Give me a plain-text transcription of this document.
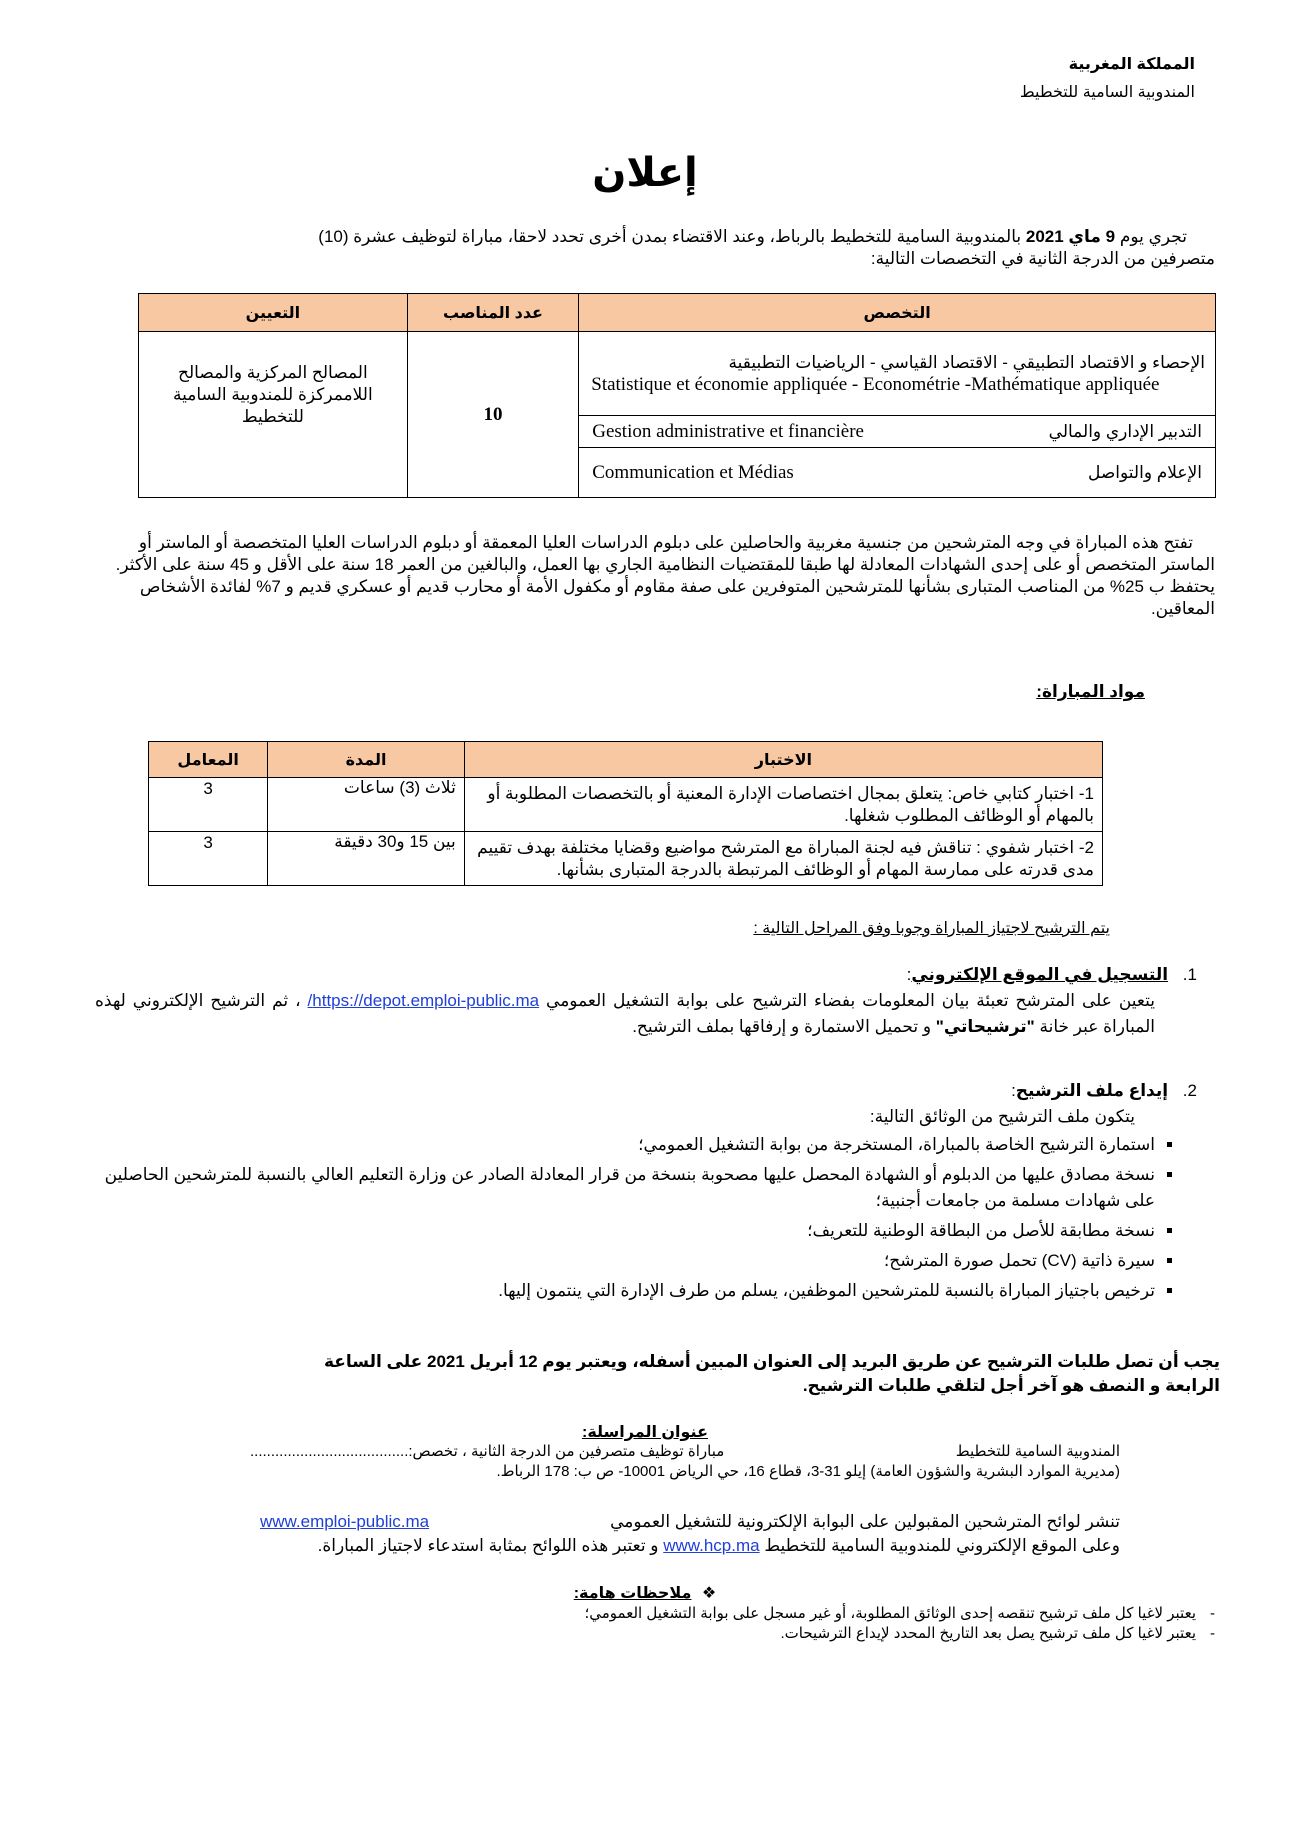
المملكة المغربية
المندوبية السامية للتخطيط
إعلان

تجري يوم 9 ماي 2021 بالمندوبية السامية للتخطيط بالرباط، وعند الاقتضاء بمدن أخرى تحدد لاحقا، مباراة لتوظيف عشرة (10)

متصرفين من الدرجة الثانية في التخصصات التالية:

التخصص	عدد المناصب	التعيين

الإحصاء و الاقتصاد التطبيقي - الاقتصاد القياسي - الرياضيات التطبيقية
Statistique et économie appliquée - Econométrie -Mathématique appliquée	10	المصالح المركزية والمصالح اللاممركزة للمندوبية السامية للتخطيط

التدبير الإداري والمالي
Gestion administrative et financière		

الإعلام والتواصل
Communication et Médias		

تفتح هذه المباراة في وجه المترشحين من جنسية مغربية والحاصلين على دبلوم الدراسات العليا المعمقة أو دبلوم الدراسات العليا المتخصصة أو الماستر أو الماستر المتخصص أو على إحدى الشهادات المعادلة لها طبقا للمقتضيات النظامية الجاري بها العمل، والبالغين من العمر 18 سنة على الأقل و 45 سنة على الأكثر.

يحتفظ ب 25% من المناصب المتبارى بشأنها للمترشحين المتوفرين على صفة مقاوم أو مكفول الأمة أو محارب قديم أو عسكري قديم و 7% لفائدة الأشخاص المعاقين.

مواد المباراة:
الاختبار	المدة	المعامل
1- اختبار كتابي خاص: يتعلق بمجال اختصاصات الإدارة المعنية أو بالتخصصات المطلوبة أو بالمهام أو الوظائف المطلوب شغلها.	ثلاث (3) ساعات	3
2- اختبار شفوي : تناقش فيه لجنة المباراة مع المترشح مواضيع وقضايا مختلفة بهدف تقييم مدى قدرته على ممارسة المهام أو الوظائف المرتبطة بالدرجة المتبارى بشأنها.	بين 15 و30 دقيقة	3
يتم الترشيح لاجتياز المباراة وجوبا وفق المراحل التالية :
1. التسجيل في الموقع الإلكتروني:
يتعين على المترشح تعبئة بيان المعلومات بفضاء الترشيح على بوابة التشغيل العمومي https://depot.emploi-public.ma/ ، ثم الترشيح الإلكتروني لهذه المباراة عبر خانة "ترشيحاتي" و تحميل الاستمارة و إرفاقها بملف الترشيح.
2. إيداع ملف الترشيح:
يتكون ملف الترشيح من الوثائق التالية:
▪ استمارة الترشيح الخاصة بالمباراة، المستخرجة من بوابة التشغيل العمومي؛
▪ نسخة مصادق عليها من الدبلوم أو الشهادة المحصل عليها مصحوبة بنسخة من قرار المعادلة الصادر عن وزارة التعليم العالي بالنسبة للمترشحين الحاصلين على شهادات مسلمة من جامعات أجنبية؛
▪ نسخة مطابقة للأصل من البطاقة الوطنية للتعريف؛
▪ سيرة ذاتية (CV) تحمل صورة المترشح؛
▪ ترخيص باجتياز المباراة بالنسبة للمترشحين الموظفين، يسلم من طرف الإدارة التي ينتمون إليها.
يجب أن تصل طلبات الترشيح عن طريق البريد إلى العنوان المبين أسفله، ويعتبر يوم 12 أبريل 2021 على الساعة الرابعة و النصف هو آخر أجل لتلقي طلبات الترشيح.
عنوان المراسلة:
المندوبية السامية للتخطيط
مباراة توظيف متصرفين من الدرجة الثانية ، تخصص:......................................
(مديرية الموارد البشرية والشؤون العامة) إيلو 31-3، قطاع 16، حي الرياض 10001- ص ب: 178 الرباط.
تنشر لوائح المترشحين المقبولين على البوابة الإلكترونية للتشغيل العمومي
www.emploi-public.ma
وعلى الموقع الإلكتروني للمندوبية السامية للتخطيط www.hcp.ma و تعتبر هذه اللوائح بمثابة استدعاء لاجتياز المباراة.
❖ ملاحظات هامة:
-يعتبر لاغيا كل ملف ترشيح تنقصه إحدى الوثائق المطلوبة، أو غير مسجل على بوابة التشغيل العمومي؛
-يعتبر لاغيا كل ملف ترشيح يصل بعد التاريخ المحدد لإيداع الترشيحات.
